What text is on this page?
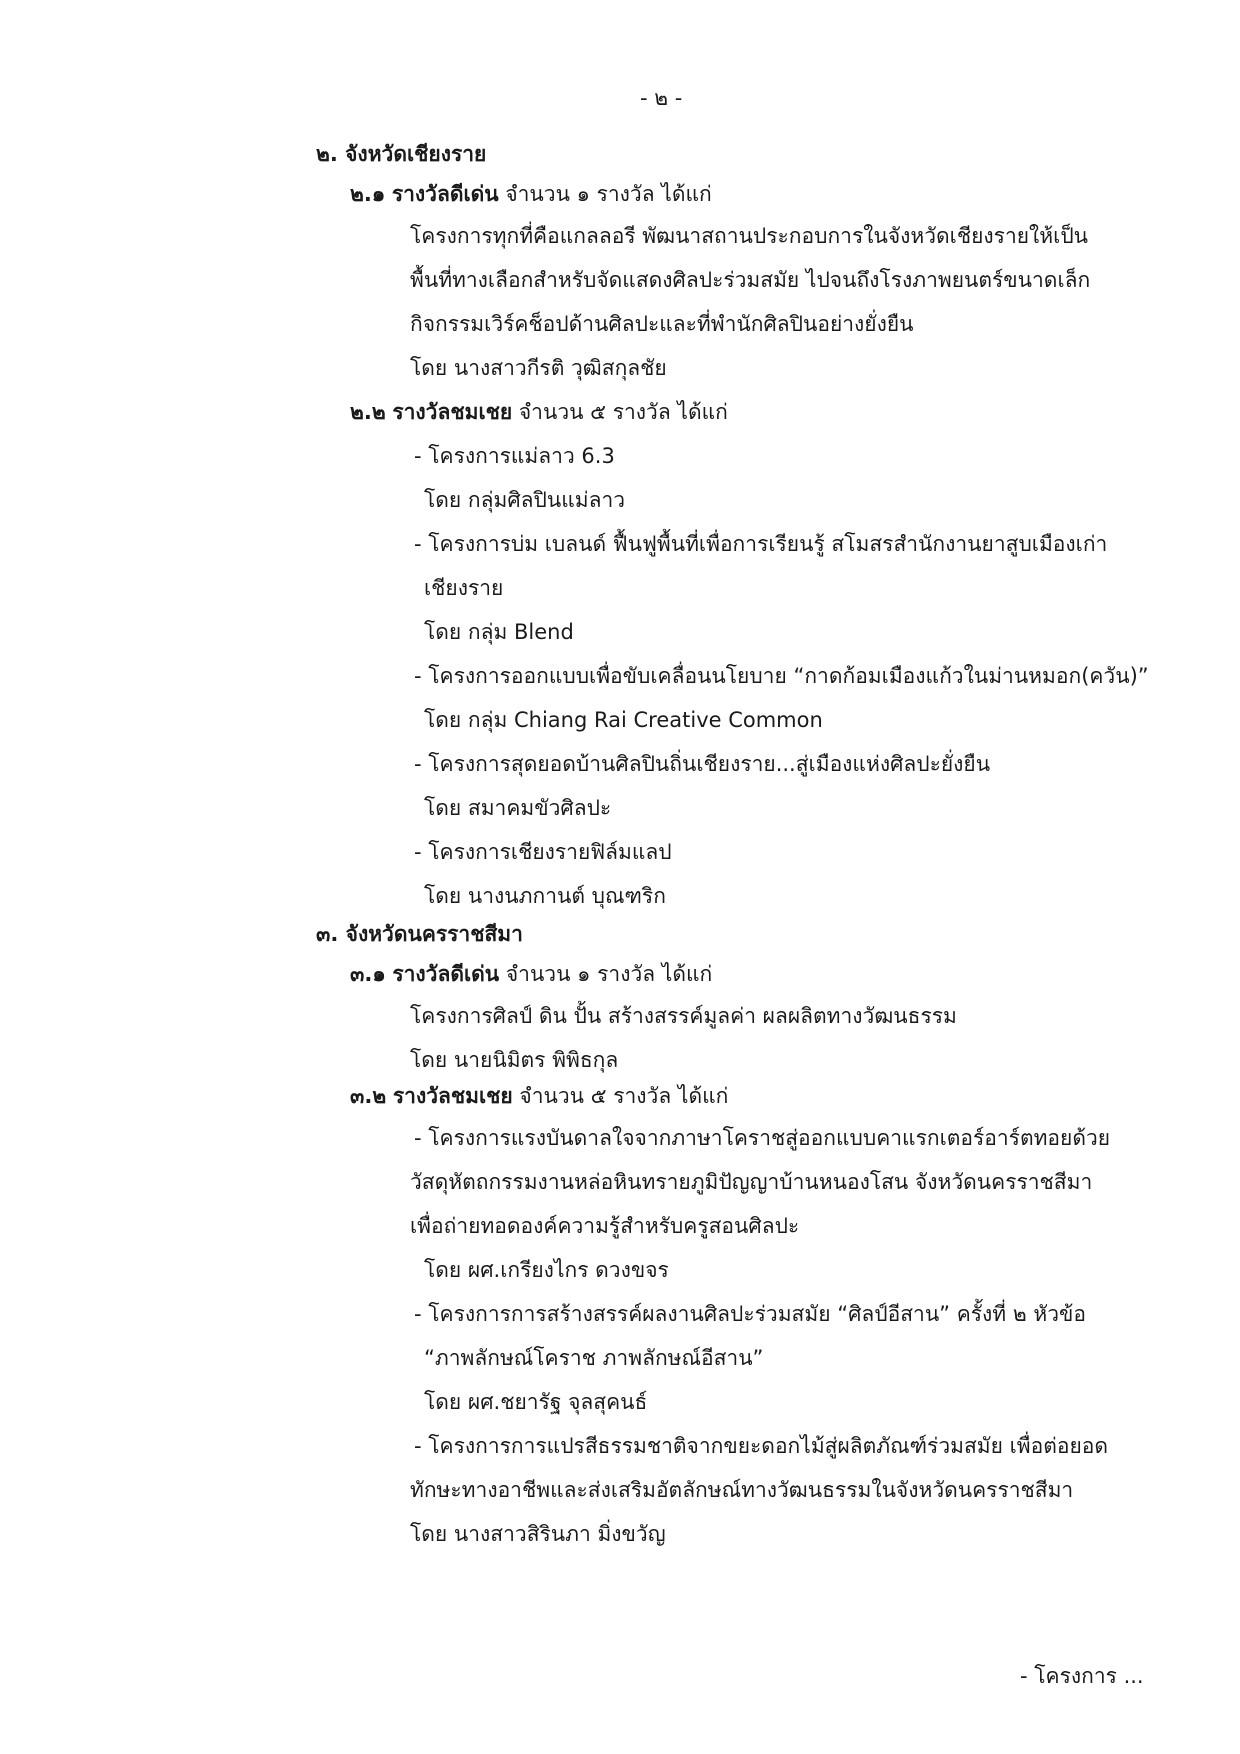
- ๒ -
๒. จังหวัดเชียงราย
๒.๑ รางวัลดีเด่น จำนวน ๑ รางวัล ได้แก่
โครงการทุกที่คือแกลลอรี พัฒนาสถานประกอบการในจังหวัดเชียงรายให้เป็น
พื้นที่ทางเลือกสำหรับจัดแสดงศิลปะร่วมสมัย ไปจนถึงโรงภาพยนตร์ขนาดเล็ก
กิจกรรมเวิร์คช็อปด้านศิลปะและที่พำนักศิลปินอย่างยั่งยืน
โดย นางสาวกีรติ วุฒิสกุลชัย
๒.๒ รางวัลชมเชย จำนวน ๕ รางวัล ได้แก่
- โครงการแม่ลาว 6.3
โดย กลุ่มศิลปินแม่ลาว
- โครงการบ่ม เบลนด์ ฟื้นฟูพื้นที่เพื่อการเรียนรู้ สโมสรสำนักงานยาสูบเมืองเก่า
เชียงราย
โดย กลุ่ม Blend
- โครงการออกแบบเพื่อขับเคลื่อนนโยบาย “กาดก้อมเมืองแก้วในม่านหมอก(ควัน)”
โดย กลุ่ม Chiang Rai Creative Common
- โครงการสุดยอดบ้านศิลปินถิ่นเชียงราย...สู่เมืองแห่งศิลปะยั่งยืน
โดย สมาคมขัวศิลปะ
- โครงการเชียงรายฟิล์มแลป
โดย นางนภกานต์ บุณฑริก
๓. จังหวัดนครราชสีมา
๓.๑ รางวัลดีเด่น จำนวน ๑ รางวัล ได้แก่
โครงการศิลป์ ดิน ปั้น สร้างสรรค์มูลค่า ผลผลิตทางวัฒนธรรม
โดย นายนิมิตร พิพิธกุล
๓.๒ รางวัลชมเชย จำนวน ๕ รางวัล ได้แก่
- โครงการแรงบันดาลใจจากภาษาโคราชสู่ออกแบบคาแรกเตอร์อาร์ตทอยด้วย
วัสดุหัตถกรรมงานหล่อหินทรายภูมิปัญญาบ้านหนองโสน จังหวัดนครราชสีมา
เพื่อถ่ายทอดองค์ความรู้สำหรับครูสอนศิลปะ
โดย ผศ.เกรียงไกร ดวงขจร
- โครงการการสร้างสรรค์ผลงานศิลปะร่วมสมัย “ศิลป์อีสาน” ครั้งที่ ๒ หัวข้อ
“ภาพลักษณ์โคราช ภาพลักษณ์อีสาน”
โดย ผศ.ชยารัฐ จุลสุคนธ์
- โครงการการแปรสีธรรมชาติจากขยะดอกไม้สู่ผลิตภัณฑ์ร่วมสมัย เพื่อต่อยอด
ทักษะทางอาชีพและส่งเสริมอัตลักษณ์ทางวัฒนธรรมในจังหวัดนครราชสีมา
โดย นางสาวสิรินภา มิ่งขวัญ
- โครงการ ...
